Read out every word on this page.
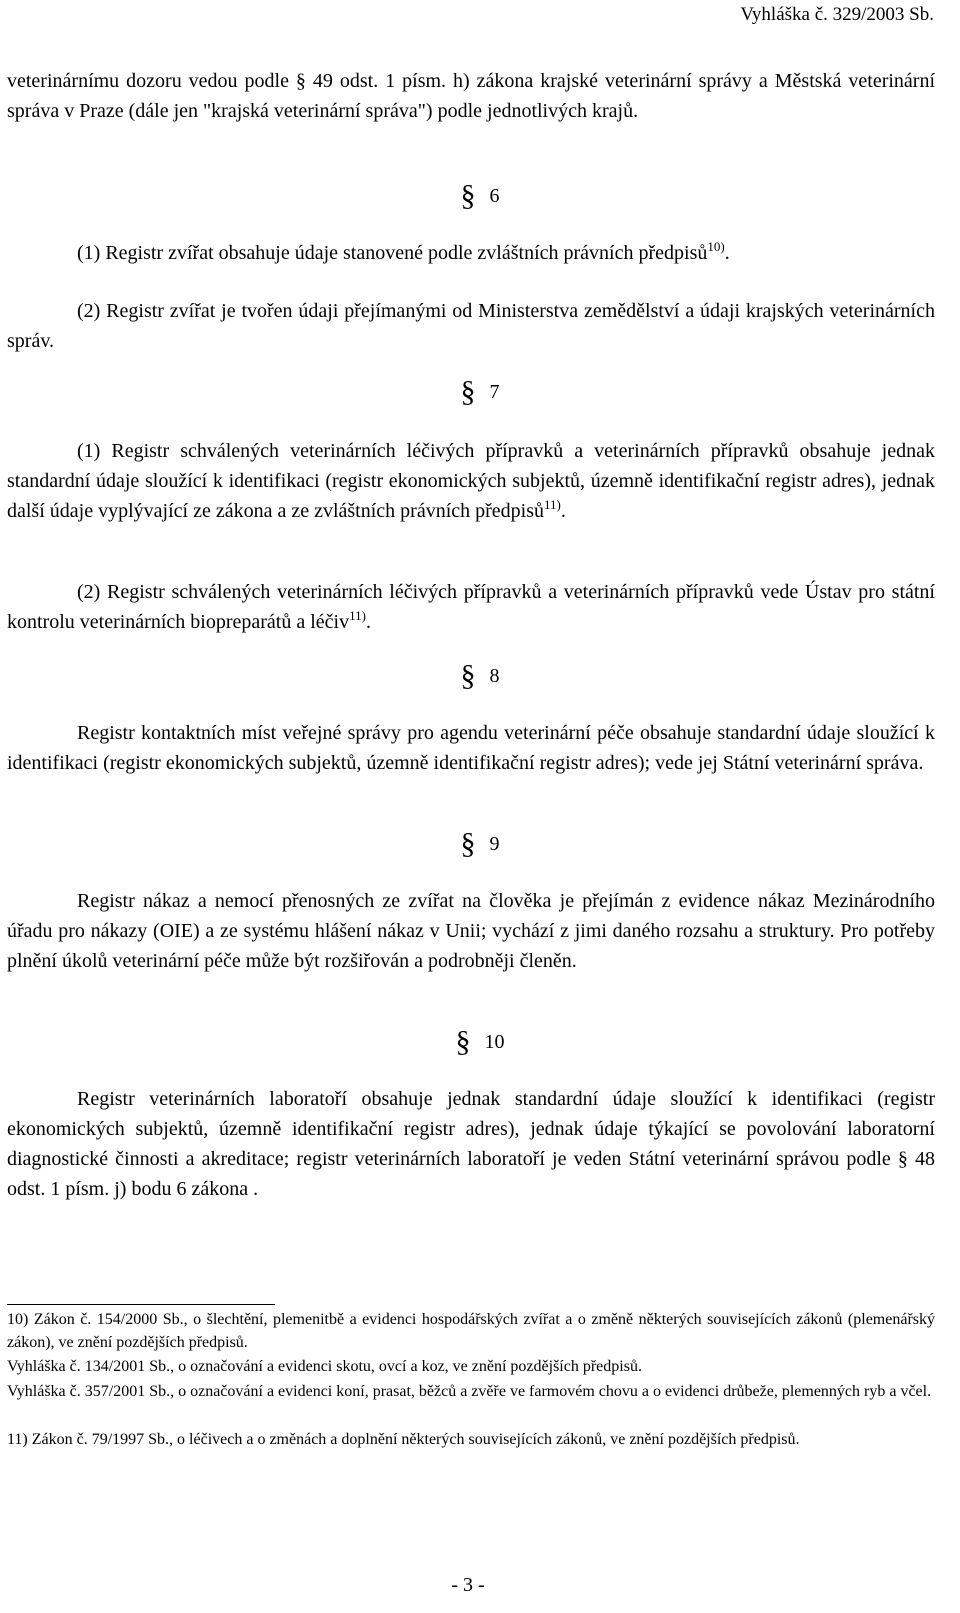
Vyhláška č. 329/2003 Sb.

veterinárnímu dozoru vedou podle § 49 odst. 1 písm. h) zákona krajské veterinární správy a Městská veterinární správa v Praze (dále jen "krajská veterinární správa") podle jednotlivých krajů.

§ 6

(1) Registr zvířat obsahuje údaje stanovené podle zvláštních právních předpisů$^{10)}$.

(2) Registr zvířat je tvořen údaji přejímanými od Ministerstva zemědělství a údaji krajských veterinárních správ.

§ 7

(1) Registr schválených veterinárních léčivých přípravků a veterinárních přípravků obsahuje jednak standardní údaje sloužící k identifikaci (registr ekonomických subjektů, územně identifikační registr adres), jednak další údaje vyplývající ze zákona a ze zvláštních právních předpisů$^{11)}$.

(2) Registr schválených veterinárních léčivých přípravků a veterinárních přípravků vede Ústav pro státní kontrolu veterinárních biopreparátů a léčiv$^{11)}$.

§ 8

Registr kontaktních míst veřejné správy pro agendu veterinární péče obsahuje standardní údaje sloužící k identifikaci (registr ekonomických subjektů, územně identifikační registr adres); vede jej Státní veterinární správa.

§ 9

Registr nákaz a nemocí přenosných ze zvířat na člověka je přejímán z evidence nákaz Mezinárodního úřadu pro nákazy (OIE) a ze systému hlášení nákaz v Unii; vychází z jimi daného rozsahu a struktury. Pro potřeby plnění úkolů veterinární péče může být rozšiřován a podrobněji členěn.

§ 10

Registr veterinárních laboratoří obsahuje jednak standardní údaje sloužící k identifikaci (registr ekonomických subjektů, územně identifikační registr adres), jednak údaje týkající se povolování laboratorní diagnostické činnosti a akreditace; registr veterinárních laboratoří je veden Státní veterinární správou podle § 48 odst. 1 písm. j) bodu 6 zákona .

10) Zákon č. 154/2000 Sb., o šlechtění, plemenitbě a evidenci hospodářských zvířat a o změně některých souvisejících zákonů (plemenářský zákon), ve znění pozdějších předpisů.

Vyhláška č. 134/2001 Sb., o označování a evidenci skotu, ovcí a koz, ve znění pozdějších předpisů.

Vyhláška č. 357/2001 Sb., o označování a evidenci koní, prasat, běžců a zvěře ve farmovém chovu a o evidenci drůbeže, plemenných ryb a včel.

11) Zákon č. 79/1997 Sb., o léčivech a o změnách a doplnění některých souvisejících zákonů, ve znění pozdějších předpisů.

- 3 -
